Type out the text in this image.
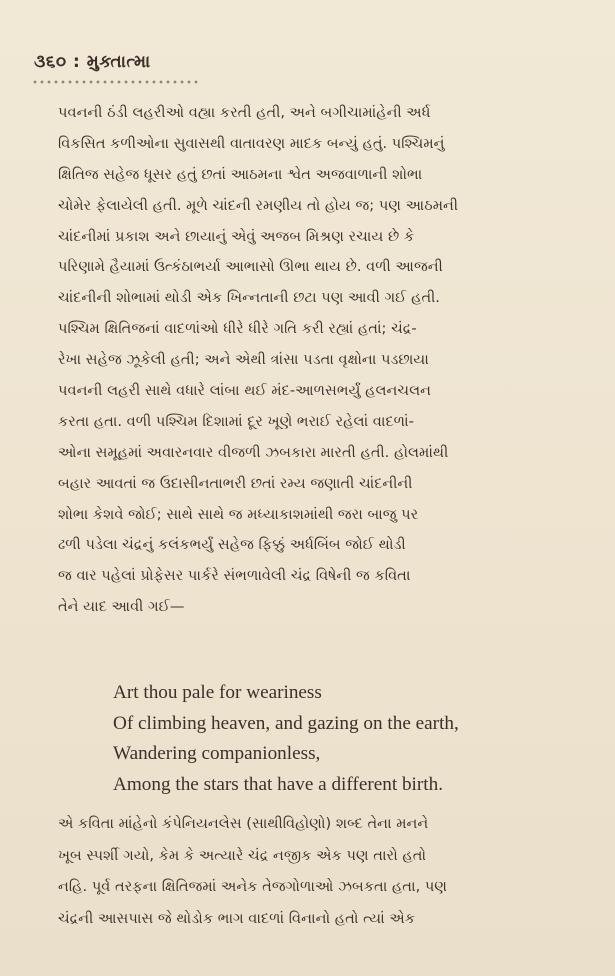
૩૬૦ : મુક્તાત્મા
પવનની ઠંડી લહરીઓ વહ્યા કરતી હતી, અને બગીચામાંહેની અર્ધ
વિકસિત કળીઓના સુવાસથી વાતાવરણ માદક બન્યું હતું. પશ્ચિમનું
ક્ષિતિજ સહેજ ધૂસર હતું છતાં આઠમના શ્વેત અજવાળાની શોભા
ચોમેર ફેલાયેલી હતી. મૂળે ચાંદની રમણીય તો હોય જ; પણ આઠમની
ચાંદનીમાં પ્રકાશ અને છાયાનું એવું અજબ મિશ્રણ રચાય છે કે
પરિણામે હૈયામાં ઉત્કંઠાભર્યા આભાસો ઊભા થાય છે. વળી આજની
ચાંદનીની શોભામાં થોડી એક ખિન્નતાની છટા પણ આવી ગઈ હતી.
પશ્ચિમ ક્ષિતિજનાં વાદળાંઓ ધીરે ધીરે ગતિ કરી રહ્યાં હતાં; ચંદ્ર-
રેખા સહેજ ઝૂકેલી હતી; અને એથી ત્રાંસા પડતા વૃક્ષોના પડછાયા
પવનની લહરી સાથે વધારે લાંબા થઈ મંદ-આળસભર્યું હલનચલન
કરતા હતા. વળી પશ્ચિમ દિશામાં દૂર ખૂણે ભરાઈ રહેલાં વાદળાં-
ઓના સમૂહમાં અવારનવાર વીજળી ઝબકારા મારતી હતી. હોલમાંથી
બહાર આવતાં જ ઉદાસીનતાભરી છતાં રમ્ય જણાતી ચાંદનીની
શોભા કેશવે જોઈ; સાથે સાથે જ મધ્યાકાશમાંથી જરા બાજુ પર
ઢળી પડેલા ચંદ્રનું કલંકભર્યું સહેજ ફિક્કું અર્ધબિંબ જોઈ થોડી
જ વાર પહેલાં પ્રોફેસર પાર્કરે સંભળાવેલી ચંદ્ર વિષેની જ કવિતા
તેને યાદ આવી ગઈ—
Art thou pale for weariness
Of climbing heaven, and gazing on the earth,
Wandering companionless,
Among the stars that have a different birth.
એ કવિતા માંહેનો કંપેનિયનલેસ (સાથીવિહોણો) શબ્દ તેના મનને
ખૂબ સ્પર્શી ગયો, કેમ કે અત્યારે ચંદ્ર નજીક એક પણ તારો હતો
નહિ. પૂર્વ તરફના ક્ષિતિજમાં અનેક તેજગોળાઓ ઝબકતા હતા, પણ
ચંદ્રની આસપાસ જે થોડોક ભાગ વાદળાં વિનાનો હતો ત્યાં એક
